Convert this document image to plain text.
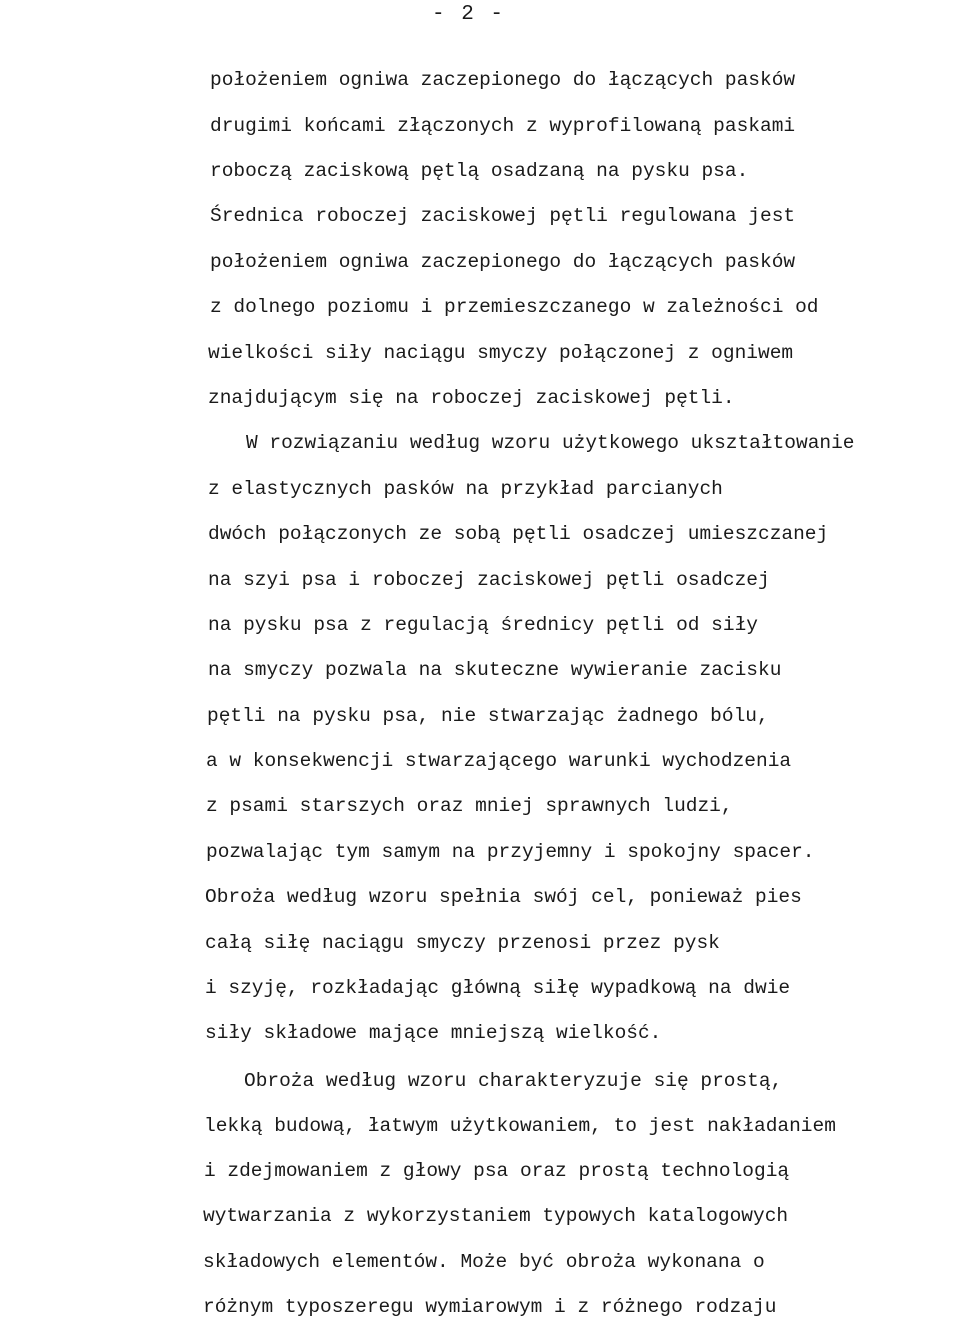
- 2 -
położeniem ogniwa zaczepionego do łączących pasków
drugimi końcami złączonych z wyprofilowaną paskami
roboczą zaciskową pętlą osadzaną na pysku psa.
Średnica roboczej zaciskowej pętli regulowana jest
położeniem ogniwa zaczepionego do łączących pasków
z dolnego poziomu i przemieszczanego w zależności od
wielkości siły naciągu smyczy połączonej z ogniwem
znajdującym się na roboczej zaciskowej pętli.
W rozwiązaniu według wzoru użytkowego ukształtowanie
z elastycznych pasków na przykład parcianych
dwóch połączonych ze sobą pętli osadczej umieszczanej
na szyi psa i roboczej zaciskowej pętli osadczej
na pysku psa z regulacją średnicy pętli od siły
na smyczy pozwala na skuteczne wywieranie zacisku
pętli na pysku psa, nie stwarzając żadnego bólu,
a w konsekwencji stwarzającego warunki wychodzenia
z psami starszych oraz mniej sprawnych ludzi,
pozwalając tym samym na przyjemny i spokojny spacer.
Obroża według wzoru spełnia swój cel, ponieważ pies
całą siłę naciągu smyczy przenosi przez pysk
i szyję, rozkładając główną siłę wypadkową na dwie
siły składowe mające mniejszą wielkość.
Obroża według wzoru charakteryzuje się prostą,
lekką budową, łatwym użytkowaniem, to jest nakładaniem
i zdejmowaniem z głowy psa oraz prostą technologią
wytwarzania z wykorzystaniem typowych katalogowych
składowych elementów. Może być obroża wykonana o
różnym typoszeregu wymiarowym i z różnego rodzaju
